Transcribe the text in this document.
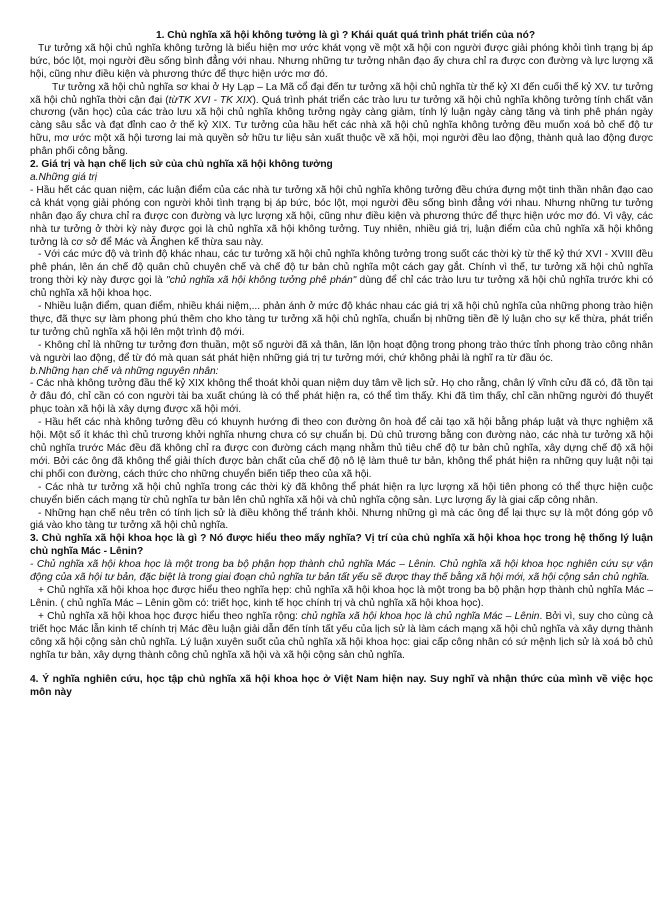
1. Chủ nghĩa xã hội không tưởng là gì ? Khái quát quá trình phát triển của nó?

Tư tưởng xã hội chủ nghĩa không tưởng là biểu hiện mơ ước khát vọng về một xã hội con người được giải phóng khỏi tình trạng bị áp bức, bóc lột, mọi người đều sống bình đẳng với nhau. Nhưng những tư tưởng nhân đạo ấy chưa chỉ ra được con đường và lực lượng xã hội, cũng như điều kiện và phương thức để thực hiện ước mơ đó.

Tư tưởng xã hội chủ nghĩa sơ khai ở Hy Lạp – La Mã cổ đại đến tư tưởng xã hội chủ nghĩa từ thế kỷ XI đến cuối thế kỷ XV. tư tưởng xã hội chủ nghĩa thời cận đại (từTK XVI - TK XIX). Quá trình phát triển các trào lưu tư tưởng xã hội chủ nghĩa không tưởng tính chất văn chương (văn học) của các trào lưu xã hội chủ nghĩa không tưởng ngày càng giảm, tính lý luận ngày càng tăng và tinh phê phán ngày càng sâu sắc và đạt đỉnh cao ở thế kỷ XIX. Tư tưởng của hầu hết các nhà xã hội chủ nghĩa không tưởng đều muốn xoá bỏ chế độ tư hữu, mơ ước một xã hội tương lai mà quyền sở hữu tư liệu sản xuất thuộc về xã hội, mọi người đều lao động, thành quả lao động được phân phối công bằng.

2. Giá trị và hạn chế lịch sử của chủ nghĩa xã hội không tưởng

a.Những giá trị

- Hầu hết các quan niệm, các luận điểm của các nhà tư tưởng xã hội chủ nghĩa không tưởng đều chứa đựng một tinh thần nhân đạo cao cả khát vọng giải phóng con người khỏi tình trạng bị áp bức, bóc lột, mọi người đều sống bình đẳng với nhau. Nhưng những tư tưởng nhân đạo ấy chưa chỉ ra được con đường và lực lượng xã hội, cũng như điều kiện và phương thức để thực hiện ước mơ đó. Vì vậy, các nhà tư tưởng ở thời kỳ này được gọi là chủ nghĩa xã hội không tưởng. Tuy nhiên, nhiều giá trị, luận điểm của chủ nghĩa xã hội không tưởng là cơ sở để Mác và Ănghen kế thừa sau này.

- Với các mức độ và trình độ khác nhau, các tư tưởng xã hội chủ nghĩa không tưởng trong suốt các thời kỳ từ thế kỷ thứ XVI - XVIII đều phê phán, lên án chế độ quân chủ chuyên chế và chế độ tư bản chủ nghĩa một cách gay gắt. Chính vì thế, tư tưởng xã hội chủ nghĩa trong thời kỳ này được gọi là "chủ nghĩa xã hội không tưởng phê phán" dùng để chỉ các trào lưu tư tưởng xã hội chủ nghĩa trước khi có chủ nghĩa xã hội khoa học.

- Nhiều luận điểm, quan điểm, nhiều khái niệm,... phản ánh ở mức độ khác nhau các giá trị xã hội chủ nghĩa của những phong trào hiện thực, đã thực sự làm phong phú thêm cho kho tàng tư tưởng xã hội chủ nghĩa, chuẩn bị những tiền đề lý luận cho sự kế thừa, phát triển tư tưởng chủ nghĩa xã hội lên một trình độ mới.

- Không chỉ là những tư tưởng đơn thuần, một số người đã xả thân, lăn lộn hoạt động trong phong trào thức tỉnh phong trào công nhân và người lao động, để từ đó mà quan sát phát hiện những giá trị tư tưởng mới, chứ không phải là nghĩ ra từ đầu óc.

b.Những hạn chế và những nguyên nhân:

- Các nhà không tưởng đầu thế kỷ XIX không thể thoát khỏi quan niệm duy tâm về lịch sử. Họ cho rằng, chân lý vĩnh cửu đã có, đã tồn tại ở đâu đó, chỉ cần có con người tài ba xuất chúng là có thể phát hiện ra, có thể tìm thấy. Khi đã tìm thấy, chỉ cần những người đó thuyết phục toàn xã hội là xây dựng được xã hội mới.

- Hầu hết các nhà không tưởng đều có khuynh hướng đi theo con đường ôn hoà để cải tạo xã hội bằng pháp luật và thực nghiệm xã hội. Một số ít khác thì chủ trương khởi nghĩa nhưng chưa có sự chuẩn bị. Dù chủ trương bằng con đường nào, các nhà tư tưởng xã hội chủ nghĩa trước Mác đều đã không chỉ ra được con đường cách mạng nhằm thủ tiêu chế độ tư bản chủ nghĩa, xây dựng chế độ xã hội mới. Bởi các ông đã không thể giải thích được bản chất của chế độ nô lệ làm thuê tư bản, không thể phát hiện ra những quy luật nội tại chi phối con đường, cách thức cho những chuyển biến tiếp theo của xã hội.

- Các nhà tư tưởng xã hội chủ nghĩa trong các thời kỳ đã không thể phát hiện ra lực lượng xã hội tiên phong có thể thực hiện cuộc chuyển biến cách mạng từ chủ nghĩa tư bản lên chủ nghĩa xã hội và chủ nghĩa cộng sản. Lực lượng ấy là giai cấp công nhân.

- Những hạn chế nêu trên có tính lịch sử là điều không thể tránh khỏi. Nhưng những gì mà các ông để lại thực sự là một đóng góp vô giá vào kho tàng tư tưởng xã hội chủ nghĩa.

3. Chủ nghĩa xã hội khoa học là gì ? Nó được hiểu theo mấy nghĩa? Vị trí của chủ nghĩa xã hội khoa học trong hệ thống lý luận chủ nghĩa Mác - Lênin?

- Chủ nghĩa xã hội khoa học là một trong ba bộ phận hợp thành chủ nghĩa Mác – Lênin. Chủ nghĩa xã hội khoa học nghiên cứu sự vận động của xã hội tư bản, đặc biệt là trong giai đoạn chủ nghĩa tư bản tất yếu sẽ được thay thế bằng xã hội mới, xã hội cộng sản chủ nghĩa.

+ Chủ nghĩa xã hội khoa học được hiểu theo nghĩa hẹp: chủ nghĩa xã hội khoa học là một trong ba bộ phận hợp thành chủ nghĩa Mác – Lênin. ( chủ nghĩa Mác – Lênin gồm có: triết học, kinh tế học chính trị và chủ nghĩa xã hội khoa học).

+ Chủ nghĩa xã hội khoa học được hiểu theo nghĩa rộng: chủ nghĩa xã hội khoa học là chủ nghĩa Mác – Lênin. Bởi vì, suy cho cùng cả triết học Mác lẫn kinh tế chính trị Mác đều luận giải dẫn đến tính tất yếu của lịch sử là làm cách mạng xã hội chủ nghĩa và xây dựng thành công xã hội cộng sản chủ nghĩa. Lý luận xuyên suốt của chủ nghĩa xã hội khoa học: giai cấp công nhân có sứ mệnh lịch sử là xoá bỏ chủ nghĩa tư bản, xây dựng thành công chủ nghĩa xã hội và xã hội cộng sản chủ nghĩa.

4. Ý nghĩa nghiên cứu, học tập chủ nghĩa xã hội khoa học ở Việt Nam hiện nay. Suy nghĩ và nhận thức của mình về việc học môn này
